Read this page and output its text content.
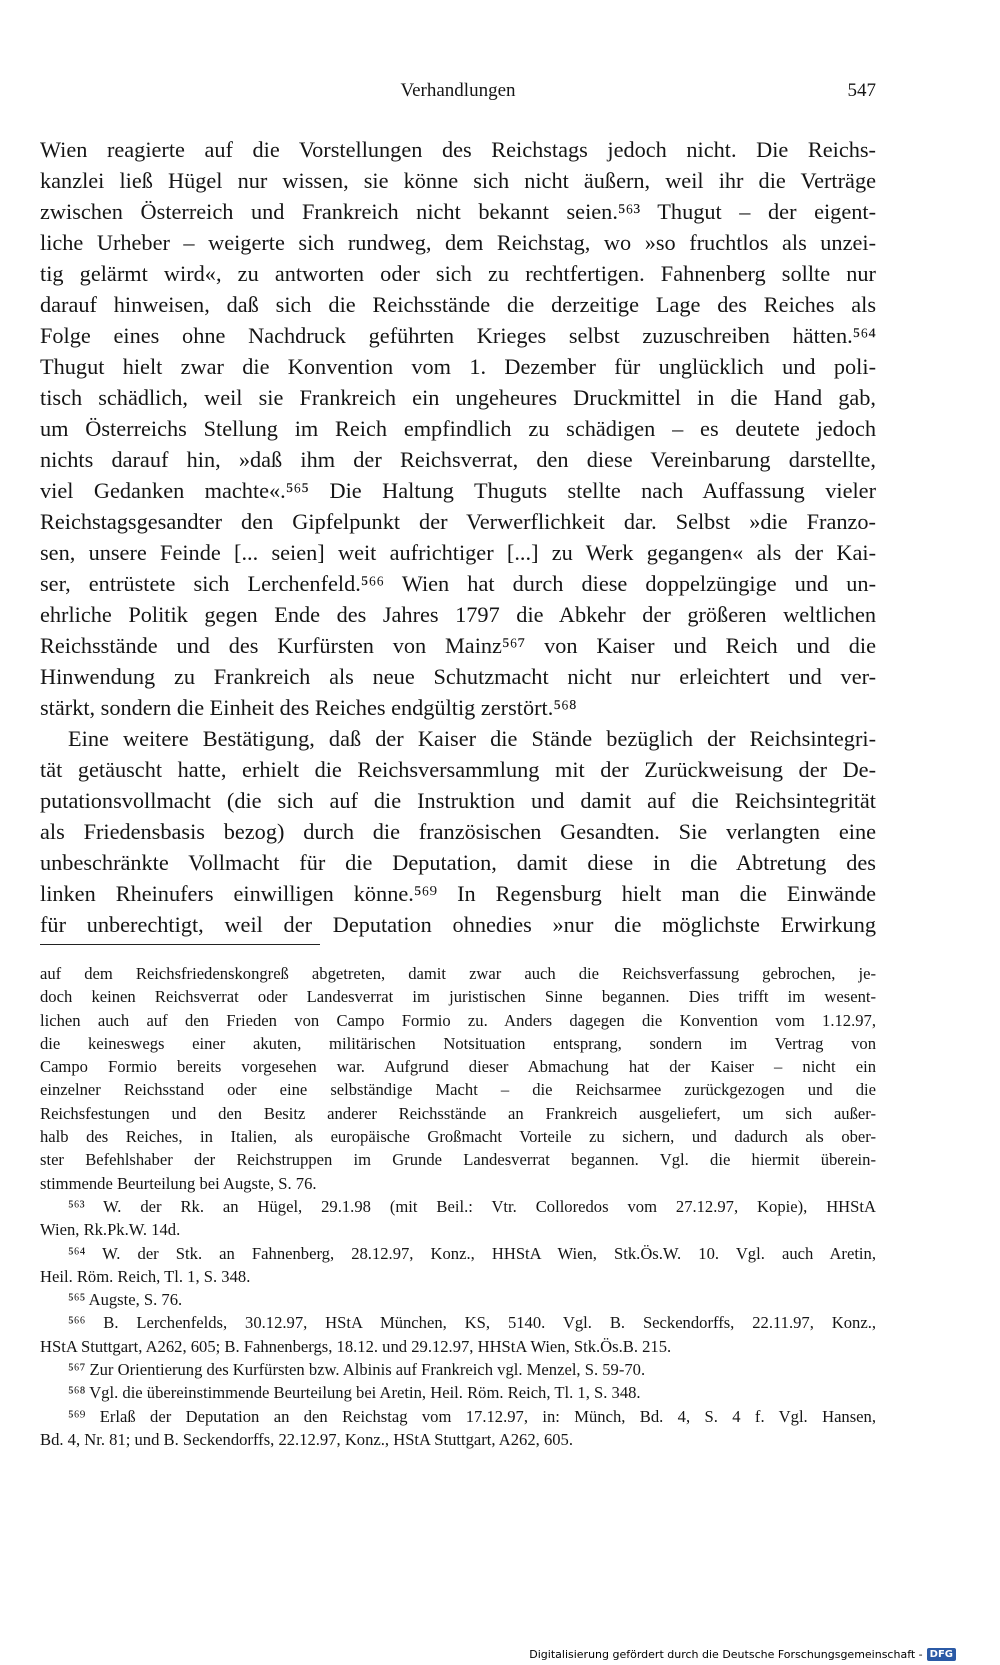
Verhandlungen	547
Wien reagierte auf die Vorstellungen des Reichstags jedoch nicht. Die Reichs-
kanzlei ließ Hügel nur wissen, sie könne sich nicht äußern, weil ihr die Verträge
zwischen Österreich und Frankreich nicht bekannt seien.⁵⁶³ Thugut – der eigent-
liche Urheber – weigerte sich rundweg, dem Reichstag, wo »so fruchtlos als unzei-
tig gelärmt wird«, zu antworten oder sich zu rechtfertigen. Fahnenberg sollte nur
darauf hinweisen, daß sich die Reichsstände die derzeitige Lage des Reiches als
Folge eines ohne Nachdruck geführten Krieges selbst zuzuschreiben hätten.⁵⁶⁴
Thugut hielt zwar die Konvention vom 1. Dezember für unglücklich und poli-
tisch schädlich, weil sie Frankreich ein ungeheures Druckmittel in die Hand gab,
um Österreichs Stellung im Reich empfindlich zu schädigen – es deutete jedoch
nichts darauf hin, »daß ihm der Reichsverrat, den diese Vereinbarung darstellte,
viel Gedanken machte«.⁵⁶⁵ Die Haltung Thuguts stellte nach Auffassung vieler
Reichstagsgesandter den Gipfelpunkt der Verwerflichkeit dar. Selbst »die Franzo-
sen, unsere Feinde [... seien] weit aufrichtiger [...] zu Werk gegangen« als der Kai-
ser, entrüstete sich Lerchenfeld.⁵⁶⁶ Wien hat durch diese doppelzüngige und un-
ehrliche Politik gegen Ende des Jahres 1797 die Abkehr der größeren weltlichen
Reichsstände und des Kurfürsten von Mainz⁵⁶⁷ von Kaiser und Reich und die
Hinwendung zu Frankreich als neue Schutzmacht nicht nur erleichtert und ver-
stärkt, sondern die Einheit des Reiches endgültig zerstört.⁵⁶⁸
Eine weitere Bestätigung, daß der Kaiser die Stände bezüglich der Reichsintegri-
tät getäuscht hatte, erhielt die Reichsversammlung mit der Zurückweisung der De-
putationsvollmacht (die sich auf die Instruktion und damit auf die Reichsintegrität
als Friedensbasis bezog) durch die französischen Gesandten. Sie verlangten eine
unbeschränkte Vollmacht für die Deputation, damit diese in die Abtretung des
linken Rheinufers einwilligen könne.⁵⁶⁹ In Regensburg hielt man die Einwände
für unberechtigt, weil der Deputation ohnedies »nur die möglichste Erwirkung
auf dem Reichsfriedenskongreß abgetreten, damit zwar auch die Reichsverfassung gebrochen, je-
doch keinen Reichsverrat oder Landesverrat im juristischen Sinne begannen. Dies trifft im wesent-
lichen auch auf den Frieden von Campo Formio zu. Anders dagegen die Konvention vom 1.12.97,
die keineswegs einer akuten, militärischen Notsituation entsprang, sondern im Vertrag von
Campo Formio bereits vorgesehen war. Aufgrund dieser Abmachung hat der Kaiser – nicht ein
einzelner Reichsstand oder eine selbständige Macht – die Reichsarmee zurückgezogen und die
Reichsfestungen und den Besitz anderer Reichsstände an Frankreich ausgeliefert, um sich außer-
halb des Reiches, in Italien, als europäische Großmacht Vorteile zu sichern, und dadurch als ober-
ster Befehlshaber der Reichstruppen im Grunde Landesverrat begannen. Vgl. die hiermit überein-
stimmende Beurteilung bei Augste, S. 76.
⁵⁶³ W. der Rk. an Hügel, 29.1.98 (mit Beil.: Vtr. Colloredos vom 27.12.97, Kopie), HHStA
Wien, Rk.Pk.W. 14d.
⁵⁶⁴ W. der Stk. an Fahnenberg, 28.12.97, Konz., HHStA Wien, Stk.Ös.W. 10. Vgl. auch Aretin,
Heil. Röm. Reich, Tl. 1, S. 348.
⁵⁶⁵ Augste, S. 76.
⁵⁶⁶ B. Lerchenfelds, 30.12.97, HStA München, KS, 5140. Vgl. B. Seckendorffs, 22.11.97, Konz.,
HStA Stuttgart, A262, 605; B. Fahnenbergs, 18.12. und 29.12.97, HHStA Wien, Stk.Ös.B. 215.
⁵⁶⁷ Zur Orientierung des Kurfürsten bzw. Albinis auf Frankreich vgl. Menzel, S. 59-70.
⁵⁶⁸ Vgl. die übereinstimmende Beurteilung bei Aretin, Heil. Röm. Reich, Tl. 1, S. 348.
⁵⁶⁹ Erlaß der Deputation an den Reichstag vom 17.12.97, in: Münch, Bd. 4, S. 4 f. Vgl. Hansen,
Bd. 4, Nr. 81; und B. Seckendorffs, 22.12.97, Konz., HStA Stuttgart, A262, 605.
Digitalisierung gefördert durch die Deutsche Forschungsgemeinschaft - DFG
